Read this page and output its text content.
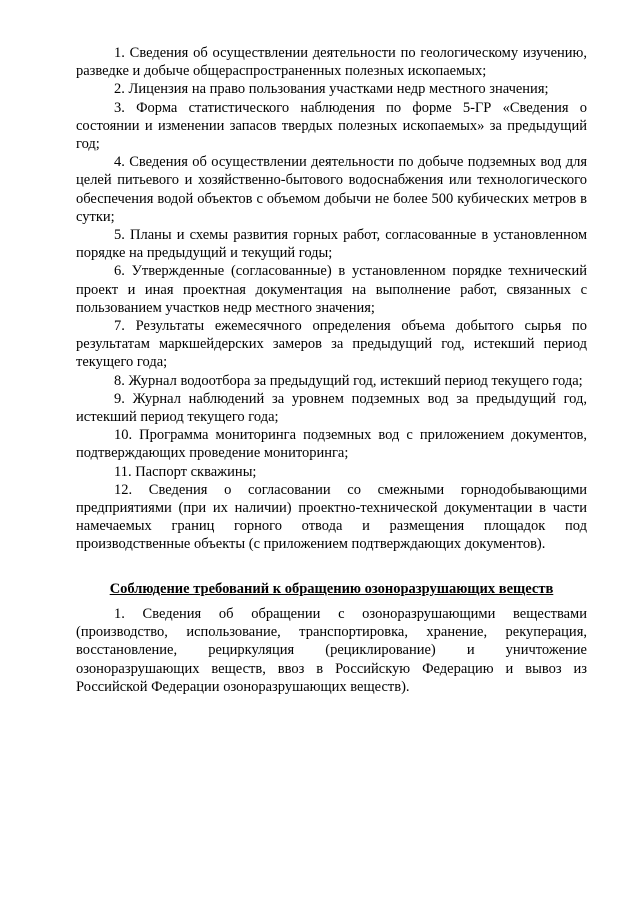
1. Сведения об осуществлении деятельности по геологическому изучению, разведке и добыче общераспространенных полезных ископаемых;

2. Лицензия на право пользования участками недр местного значения;

3. Форма статистического наблюдения по форме 5-ГР «Сведения о состоянии и изменении запасов твердых полезных ископаемых» за предыдущий год;

4. Сведения об осуществлении деятельности по добыче подземных вод для целей питьевого и хозяйственно-бытового водоснабжения или технологического обеспечения водой объектов с объемом добычи не более 500 кубических метров в сутки;

5. Планы и схемы развития горных работ, согласованные в установленном порядке на предыдущий и текущий годы;

6. Утвержденные (согласованные) в установленном порядке технический проект и иная проектная документация на выполнение работ, связанных с пользованием участков недр местного значения;

7. Результаты ежемесячного определения объема добытого сырья по результатам маркшейдерских замеров за предыдущий год, истекший период текущего года;

8. Журнал водоотбора за предыдущий год, истекший период текущего года;

9. Журнал наблюдений за уровнем подземных вод за предыдущий год, истекший период текущего года;

10. Программа мониторинга подземных вод с приложением документов, подтверждающих проведение мониторинга;

11. Паспорт скважины;

12. Сведения о согласовании со смежными горнодобывающими предприятиями (при их наличии) проектно-технической документации в части намечаемых границ горного отвода и размещения площадок под производственные объекты (с приложением подтверждающих документов).

Соблюдение требований к обращению озоноразрушающих веществ

1. Сведения об обращении с озоноразрушающими веществами (производство, использование, транспортировка, хранение, рекуперация, восстановление, рециркуляция (рециклирование) и уничтожение озоноразрушающих веществ, ввоз в Российскую Федерацию и вывоз из Российской Федерации озоноразрушающих веществ).
